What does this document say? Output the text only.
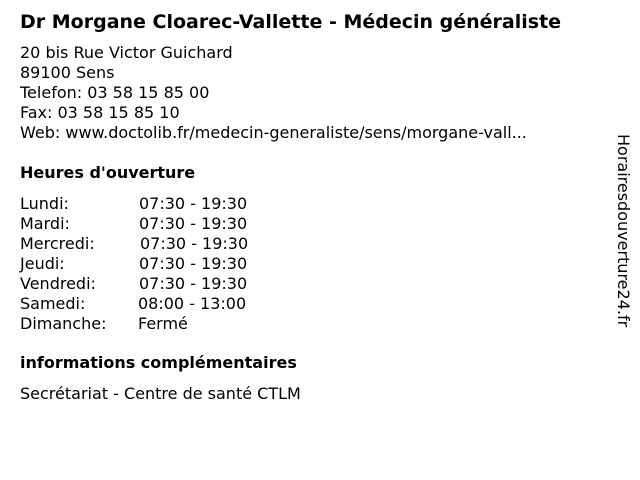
Dr Morgane Cloarec-Vallette - Médecin généraliste
20 bis Rue Victor Guichard
89100 Sens
Telefon: 03 58 15 85 00
Fax: 03 58 15 85 10
Web: www.doctolib.fr/medecin-generaliste/sens/morgane-vall...
Heures d'ouverture
Lundi:	07:30 - 19:30
Mardi:	07:30 - 19:30
Mercredi:	07:30 - 19:30
Jeudi:	07:30 - 19:30
Vendredi:	07:30 - 19:30
Samedi:	08:00 - 13:00
Dimanche: Fermé
informations complémentaires
Secrétariat - Centre de santé CTLM
Horairesdouverture24.fr
